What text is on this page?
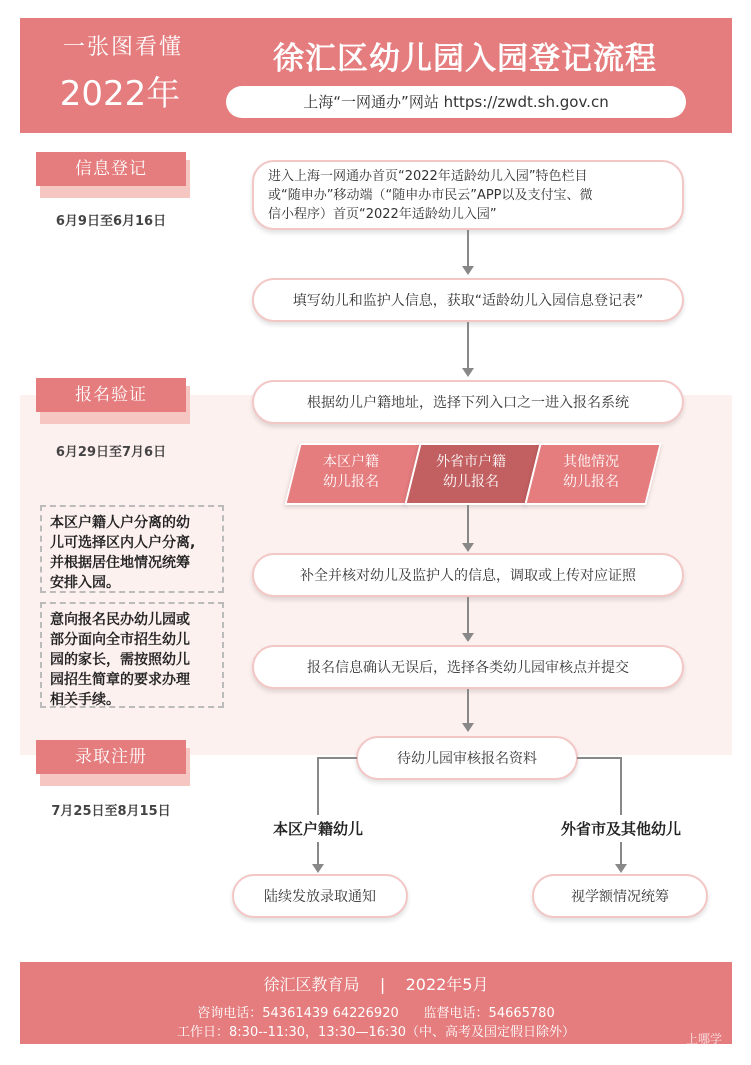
一张图看懂
2022年
徐汇区幼儿园入园登记流程
上海“一网通办”网站 https://zwdt.sh.gov.cn
信息登记
6月9日至6月16日
报名验证
6月29日至7月6日
录取注册
7月25日至8月15日
本区户籍人户分离的幼
儿可选择区内人户分离,
并根据居住地情况统筹
安排入园。
意向报名民办幼儿园或
部分面向全市招生幼儿
园的家长，需按照幼儿
园招生简章的要求办理
相关手续。
进入上海一网通办首页“2022年适龄幼儿入园”特色栏目
或“随申办”移动端（“随申办市民云”APP以及支付宝、微
信小程序）首页“2022年适龄幼儿入园”
填写幼儿和监护人信息，获取“适龄幼儿入园信息登记表”
根据幼儿户籍地址，选择下列入口之一进入报名系统
本区户籍
幼儿报名
外省市户籍
幼儿报名
其他情况
幼儿报名
补全并核对幼儿及监护人的信息，调取或上传对应证照
报名信息确认无误后，选择各类幼儿园审核点并提交
待幼儿园审核报名资料
本区户籍幼儿	外省市及其他幼儿
陆续发放录取通知	视学额情况统筹
徐汇区教育局    |    2022年5月
咨询电话：54361439 64226920      监督电话：54665780
工作日：8:30--11:30，13:30—16:30（中、高考及国定假日除外）	上哪学
